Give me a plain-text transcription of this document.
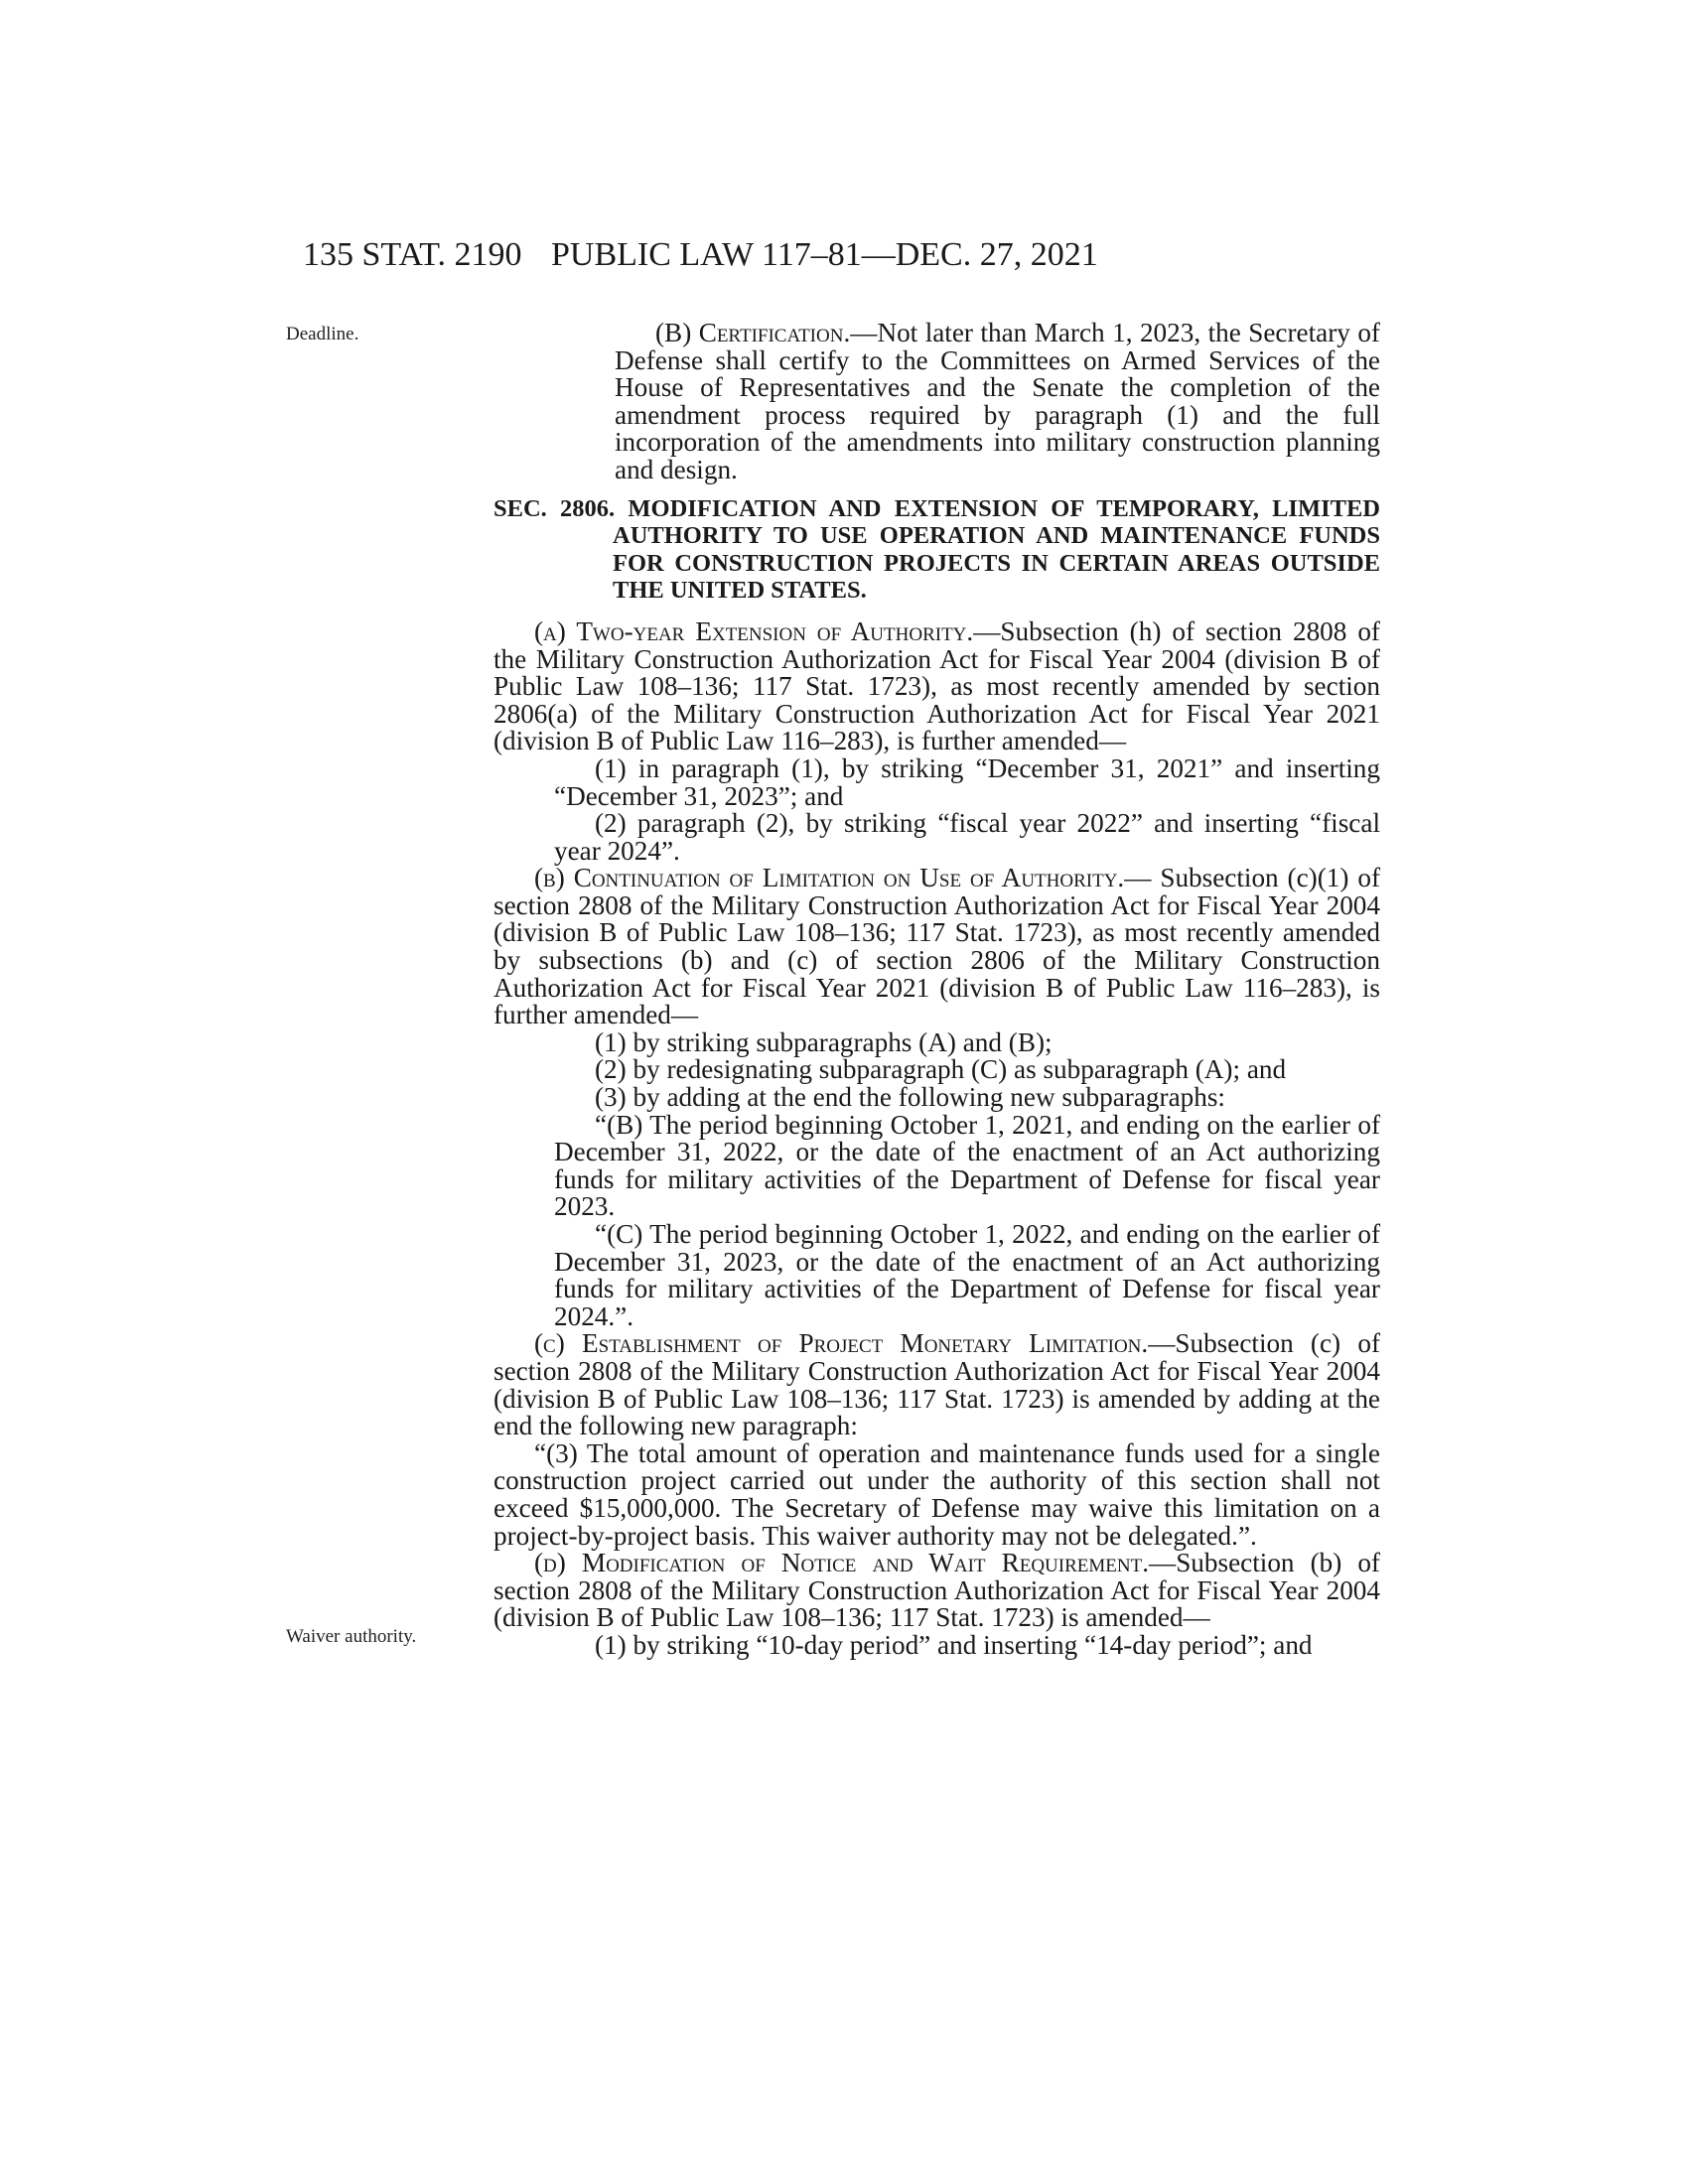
135 STAT. 2190 PUBLIC LAW 117–81—DEC. 27, 2021
Deadline.
Waiver authority.

(B) Certification.—Not later than March 1, 2023, the Secretary of Defense shall certify to the Committees on Armed Services of the House of Representatives and the Senate the completion of the amendment process required by paragraph (1) and the full incorporation of the amendments into military construction planning and design.

SEC. 2806. MODIFICATION AND EXTENSION OF TEMPORARY, LIMITED AUTHORITY TO USE OPERATION AND MAINTENANCE FUNDS FOR CONSTRUCTION PROJECTS IN CERTAIN AREAS OUTSIDE THE UNITED STATES.

(a) Two-year Extension of Authority.—Subsection (h) of section 2808 of the Military Construction Authorization Act for Fiscal Year 2004 (division B of Public Law 108–136; 117 Stat. 1723), as most recently amended by section 2806(a) of the Military Construction Authorization Act for Fiscal Year 2021 (division B of Public Law 116–283), is further amended—

(1) in paragraph (1), by striking “December 31, 2021” and inserting “December 31, 2023”; and

(2) paragraph (2), by striking “fiscal year 2022” and inserting “fiscal year 2024”.

(b) Continuation of Limitation on Use of Authority.— Subsection (c)(1) of section 2808 of the Military Construction Authorization Act for Fiscal Year 2004 (division B of Public Law 108–136; 117 Stat. 1723), as most recently amended by subsections (b) and (c) of section 2806 of the Military Construction Authorization Act for Fiscal Year 2021 (division B of Public Law 116–283), is further amended—

(1) by striking subparagraphs (A) and (B);

(2) by redesignating subparagraph (C) as subparagraph (A); and

(3) by adding at the end the following new subparagraphs:

“(B) The period beginning October 1, 2021, and ending on the earlier of December 31, 2022, or the date of the enactment of an Act authorizing funds for military activities of the Department of Defense for fiscal year 2023.

“(C) The period beginning October 1, 2022, and ending on the earlier of December 31, 2023, or the date of the enactment of an Act authorizing funds for military activities of the Department of Defense for fiscal year 2024.”.

(c) Establishment of Project Monetary Limitation.—Subsection (c) of section 2808 of the Military Construction Authorization Act for Fiscal Year 2004 (division B of Public Law 108–136; 117 Stat. 1723) is amended by adding at the end the following new paragraph:

“(3) The total amount of operation and maintenance funds used for a single construction project carried out under the authority of this section shall not exceed $15,000,000. The Secretary of Defense may waive this limitation on a project-by-project basis. This waiver authority may not be delegated.”.

(d) Modification of Notice and Wait Requirement.—Subsection (b) of section 2808 of the Military Construction Authorization Act for Fiscal Year 2004 (division B of Public Law 108–136; 117 Stat. 1723) is amended—

(1) by striking “10-day period” and inserting “14-day period”; and
